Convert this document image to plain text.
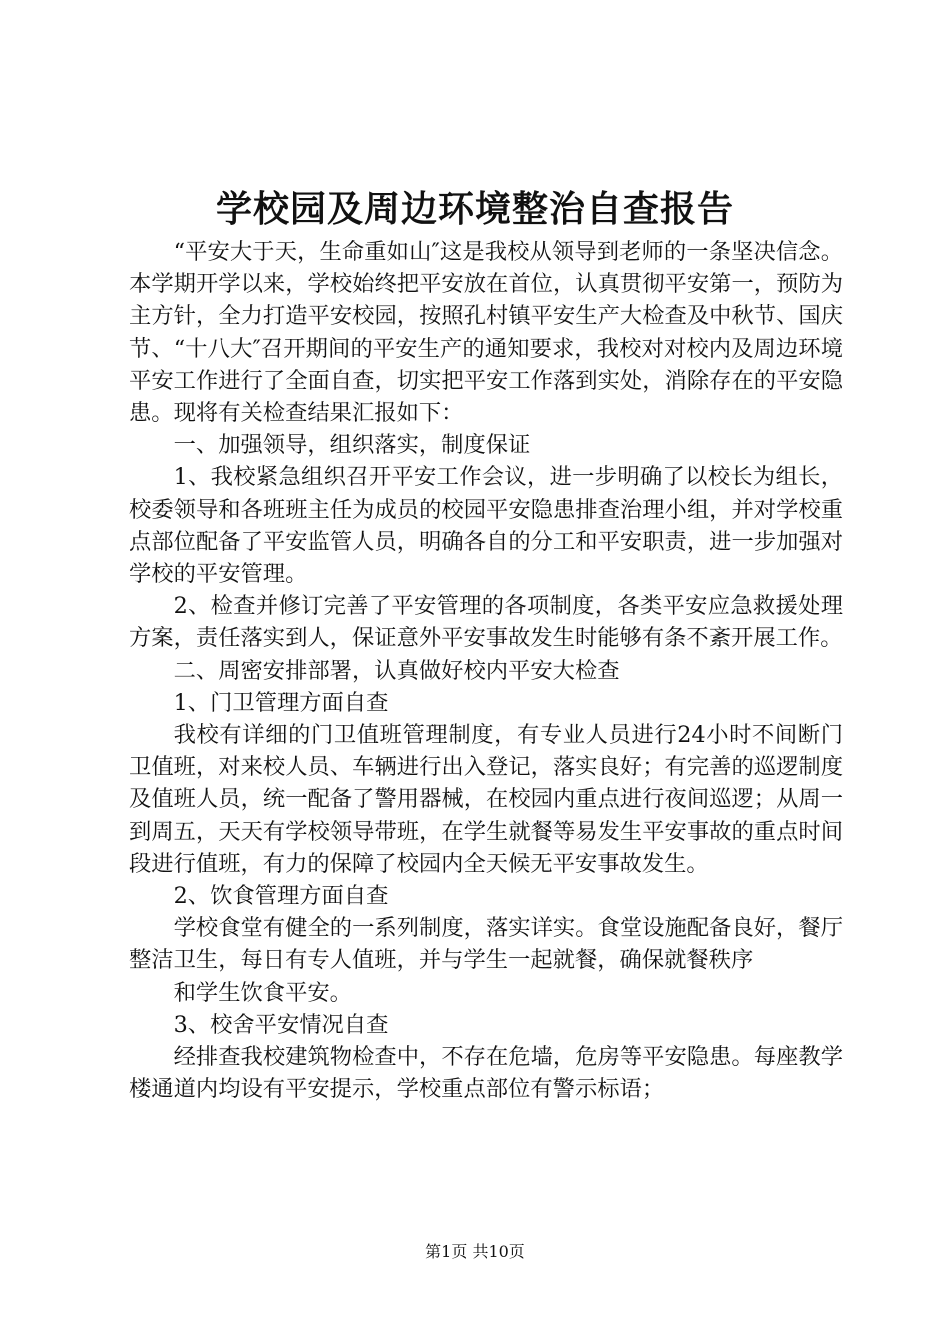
学校园及周边环境整治自查报告

“平安大于天，生命重如山″这是我校从领导到老师的一条坚决信念。本学期开学以来，学校始终把平安放在首位，认真贯彻平安第一，预防为主方针，全力打造平安校园，按照孔村镇平安生产大检查及中秋节、国庆节、“十八大″召开期间的平安生产的通知要求，我校对对校内及周边环境平安工作进行了全面自查，切实把平安工作落到实处，消除存在的平安隐患。现将有关检查结果汇报如下：

一、加强领导，组织落实，制度保证

1、我校紧急组织召开平安工作会议，进一步明确了以校长为组长，校委领导和各班班主任为成员的校园平安隐患排查治理小组，并对学校重点部位配备了平安监管人员，明确各自的分工和平安职责，进一步加强对学校的平安管理。

2、检查并修订完善了平安管理的各项制度，各类平安应急救援处理方案，责任落实到人，保证意外平安事故发生时能够有条不紊开展工作。

二、周密安排部署，认真做好校内平安大检查

1、门卫管理方面自查

我校有详细的门卫值班管理制度，有专业人员进行24小时不间断门卫值班，对来校人员、车辆进行出入登记，落实良好；有完善的巡逻制度及值班人员，统一配备了警用器械，在校园内重点进行夜间巡逻；从周一到周五，天天有学校领导带班，在学生就餐等易发生平安事故的重点时间段进行值班，有力的保障了校园内全天候无平安事故发生。

2、饮食管理方面自查

学校食堂有健全的一系列制度，落实详实。食堂设施配备良好，餐厅整洁卫生，每日有专人值班，并与学生一起就餐，确保就餐秩序

和学生饮食平安。

3、校舍平安情况自查

经排查我校建筑物检查中，不存在危墙，危房等平安隐患。每座教学楼通道内均设有平安提示，学校重点部位有警示标语；

第1页 共10页
